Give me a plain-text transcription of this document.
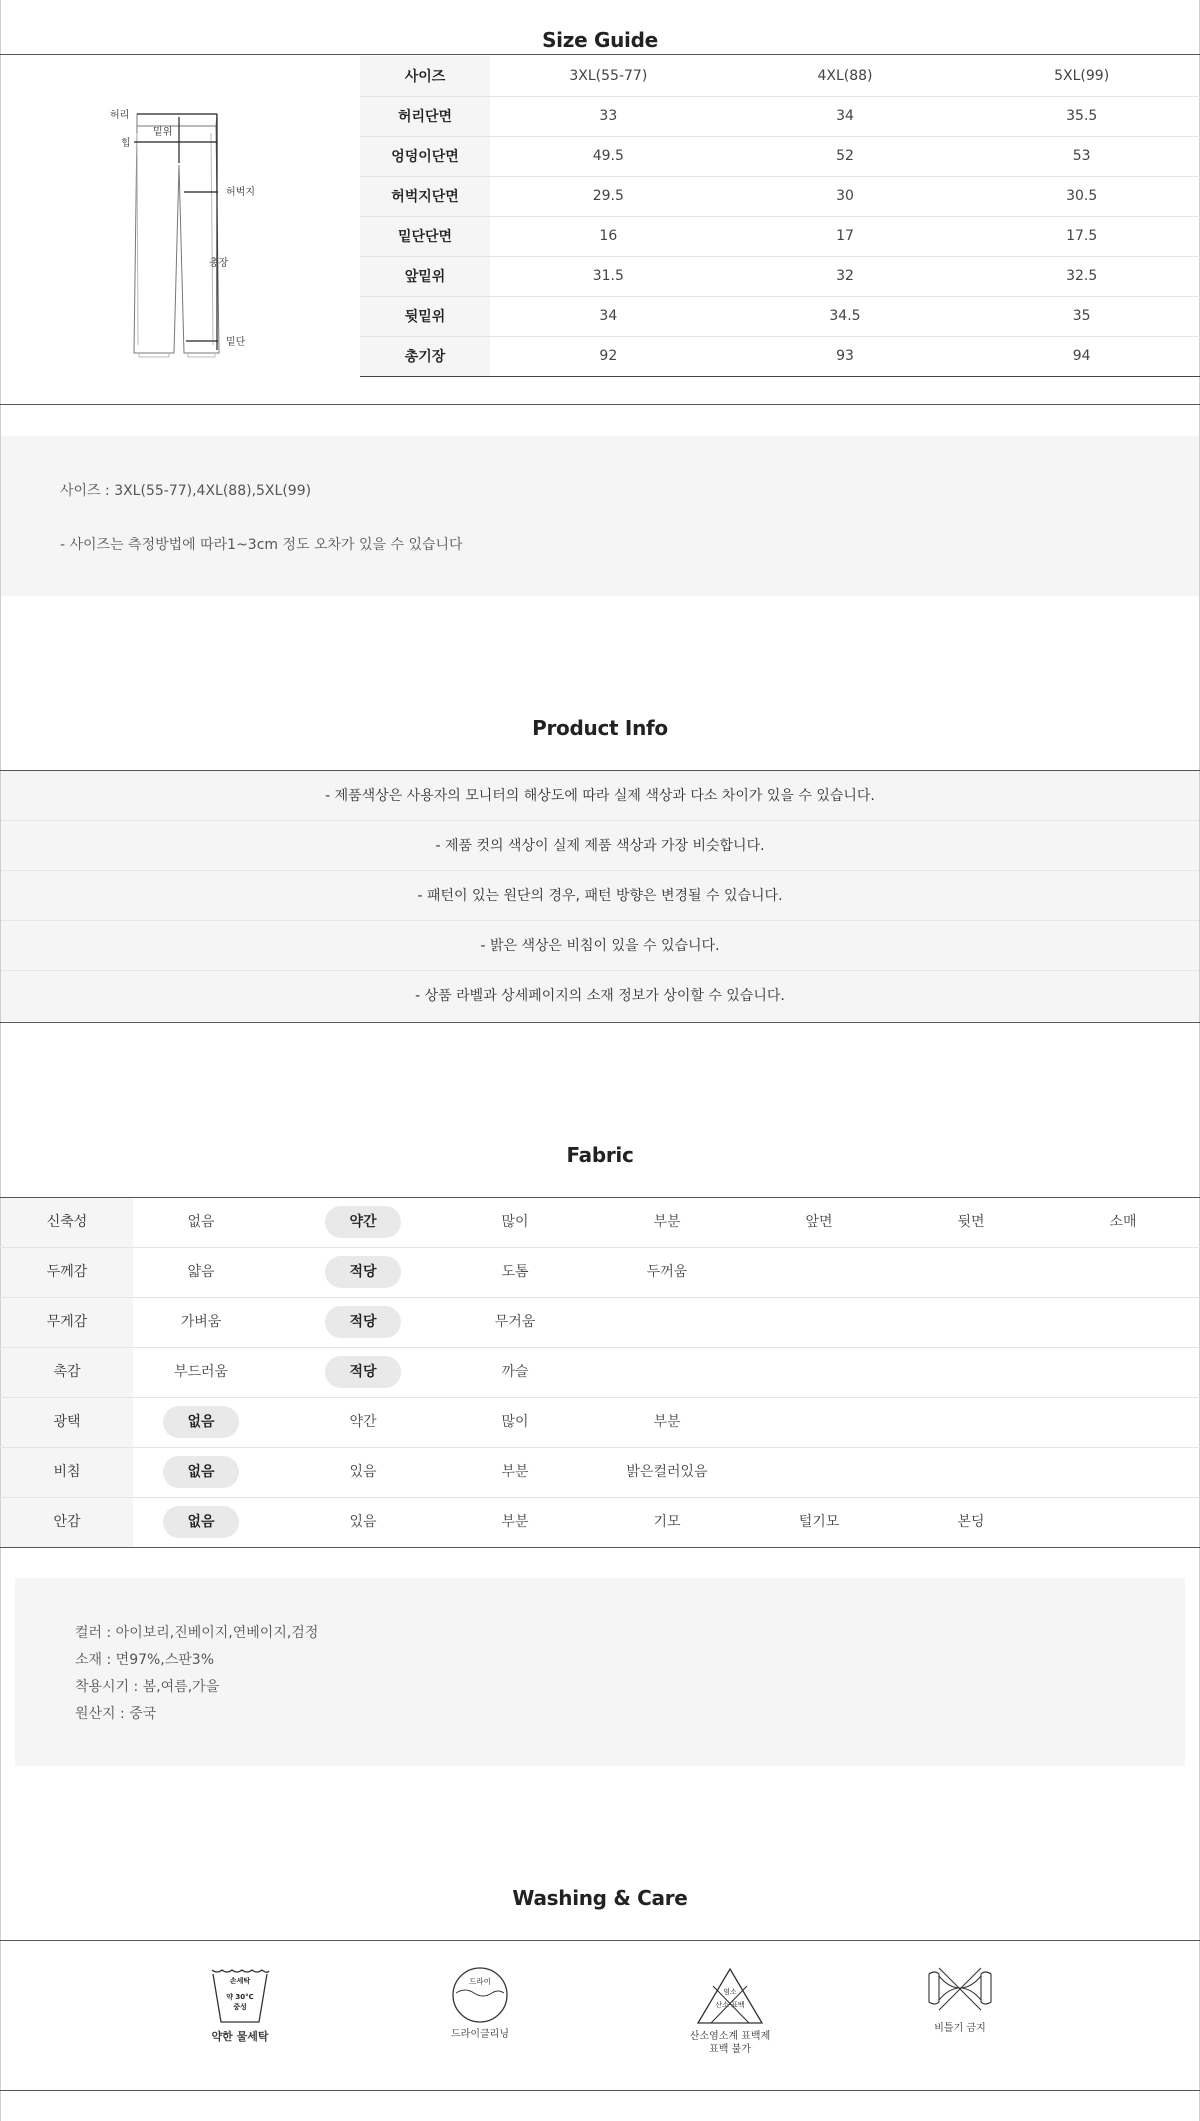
Size Guide
허리
힙
밑위
허벅지
총장
밑단
사이즈	3XL(55-77)	4XL(88)	5XL(99)
허리단면	33	34	35.5
엉덩이단면	49.5	52	53
허벅지단면	29.5	30	30.5
밑단단면	16	17	17.5
앞밑위	31.5	32	32.5
뒷밑위	34	34.5	35
총기장	92	93	94

사이즈 : 3XL(55-77),4XL(88),5XL(99)

- 사이즈는 측정방법에 따라1~3cm 정도 오차가 있을 수 있습니다

Product Info
- 제품색상은 사용자의 모니터의 해상도에 따라 실제 색상과 다소 차이가 있을 수 있습니다.
- 제품 컷의 색상이 실제 제품 색상과 가장 비슷합니다.
- 패턴이 있는 원단의 경우, 패턴 방향은 변경될 수 있습니다.
- 밝은 색상은 비침이 있을 수 있습니다.
- 상품 라벨과 상세페이지의 소재 정보가 상이할 수 있습니다.
Fabric
신축성	없음	약간	많이	부분	앞면	뒷면	소매
두께감	얇음	적당	도톰	두꺼움
무게감	가벼움	적당	무거움
촉감	부드러움	적당	까슬
광택	없음	약간	많이	부분
비침	없음	있음	부분	밝은컬러있음
안감	없음	있음	부분	기모	털기모	본딩

컬러 : 아이보리,진베이지,연베이지,검정

소재 : 면97%,스판3%

착용시기 : 봄,여름,가을

원산지 : 중국

Washing & Care
손세탁
약 30°C
중성
약한 물세탁
드라이
드라이클리닝
염소
산소·표백
산소염소계 표백제
표백 불가
비틀기 금지
